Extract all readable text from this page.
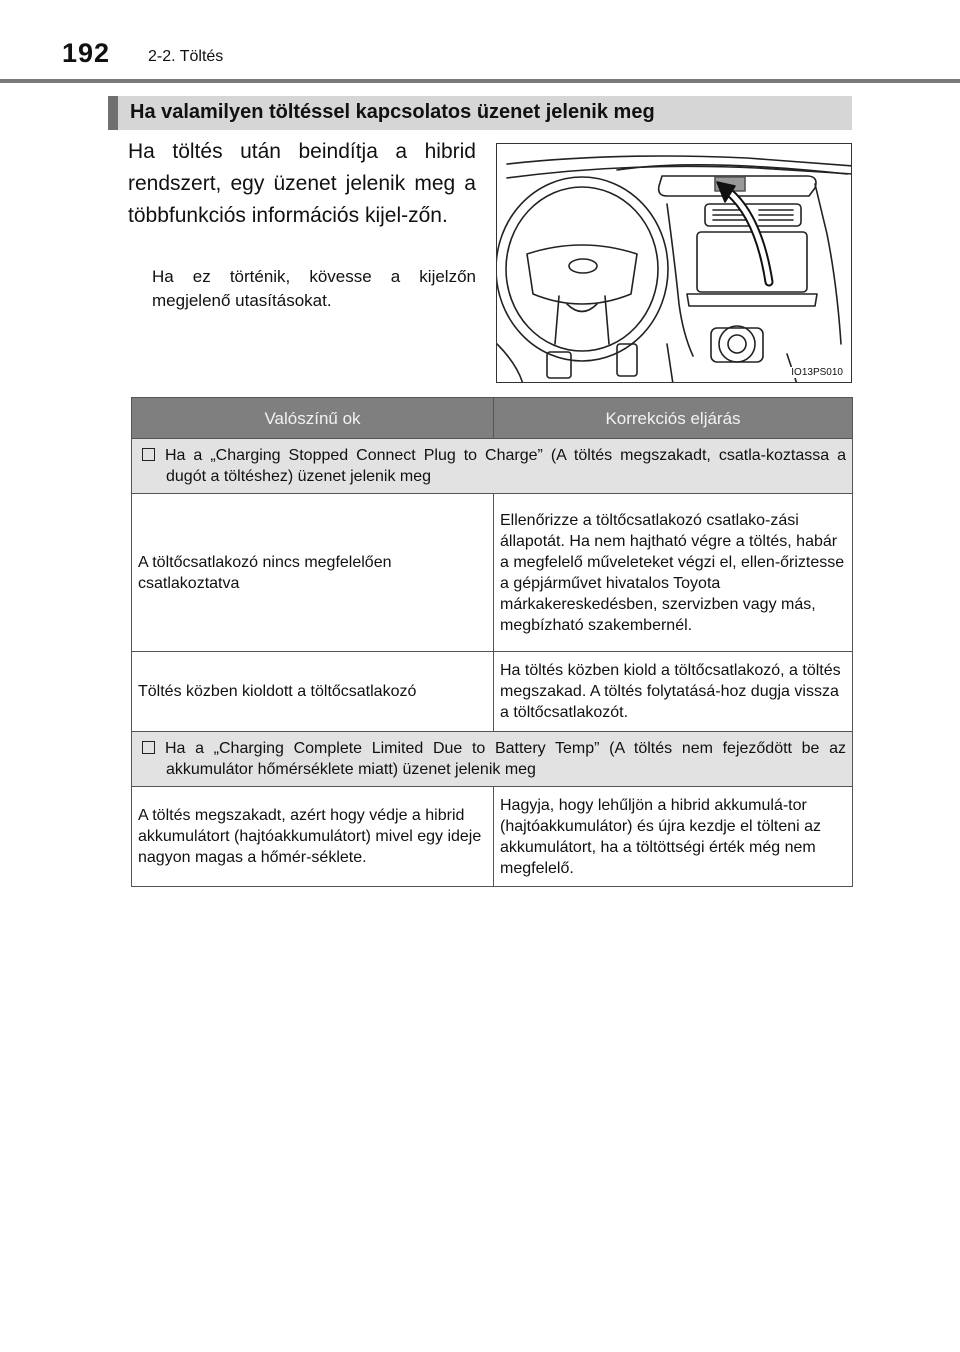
192 2-2. Töltés
Ha valamilyen töltéssel kapcsolatos üzenet jelenik meg
Ha töltés után beindítja a hibrid rendszert, egy üzenet jelenik meg a többfunkciós információs kijel-zőn.
Ha ez történik, kövesse a kijelzőn megjelenő utasításokat.
IO13PS010
Valószínű ok	Korrekciós eljárás
Ha a „Charging Stopped Connect Plug to Charge” (A töltés megszakadt, csatla-koztassa a dugót a töltéshez) üzenet jelenik meg	
A töltőcsatlakozó nincs megfelelően csatlakoztatva	Ellenőrizze a töltőcsatlakozó csatlako-zási állapotát. Ha nem hajtható végre a töltés, habár a megfelelő műveleteket végzi el, ellen-őriztesse a gépjárművet hivatalos Toyota márkakereskedésben, szervizben vagy más, megbízható szakembernél.
Töltés közben kioldott a töltőcsatlakozó	Ha töltés közben kiold a töltőcsatlakozó, a töltés megszakad. A töltés folytatásá-hoz dugja vissza a töltőcsatlakozót.
Ha a „Charging Complete Limited Due to Battery Temp” (A töltés nem fejeződött be az akkumulátor hőmérséklete miatt) üzenet jelenik meg	
A töltés megszakadt, azért hogy védje a hibrid akkumulátort (hajtóakkumulátort) mivel egy ideje nagyon magas a hőmér-séklete.	Hagyja, hogy lehűljön a hibrid akkumulá-tor (hajtóakkumulátor) és újra kezdje el tölteni az akkumulátort, ha a töltöttségi érték még nem megfelelő.
